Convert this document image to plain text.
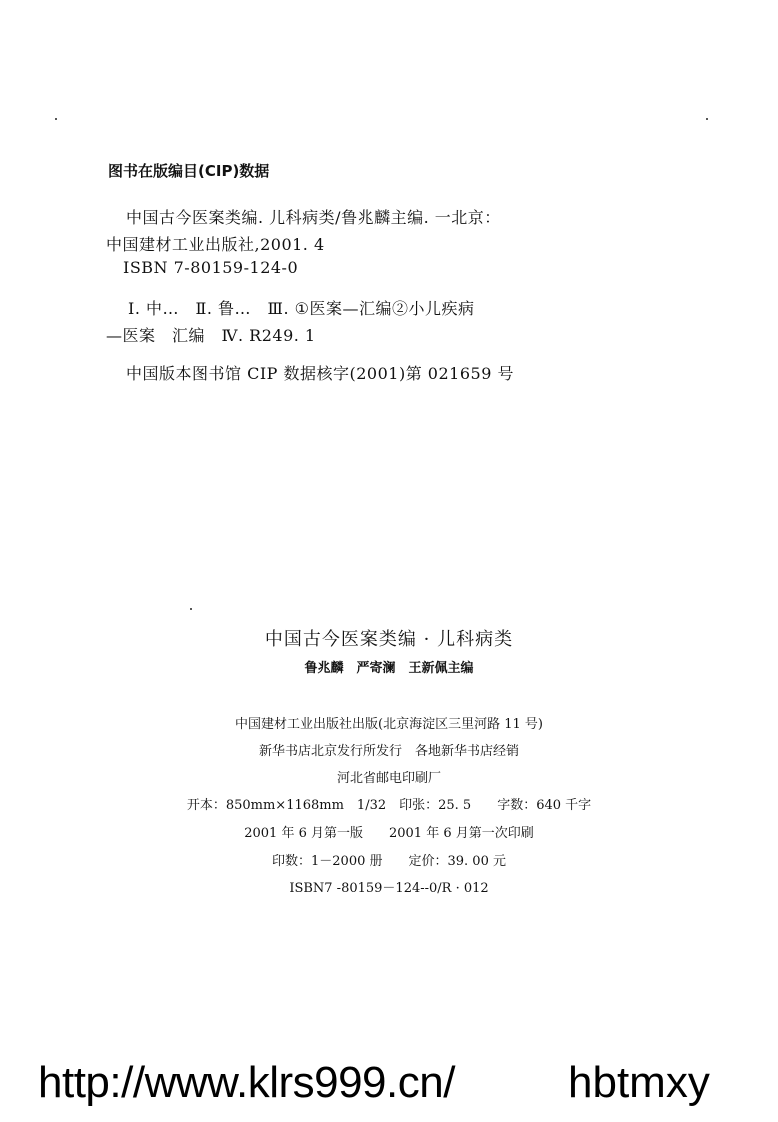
图书在版编目(CIP)数据
中国古今医案类编. 儿科病类/鲁兆麟主编. 一北京：
中国建材工业出版社,2001. 4
ISBN 7-80159-124-0
Ⅰ. 中…　Ⅱ. 鲁…　Ⅲ. ①医案—汇编②小儿疾病
—医案　汇编　Ⅳ. R249. 1
中国版本图书馆 CIP 数据核字(2001)第 021659 号
中国古今医案类编 · 儿科病类
鲁兆麟　严寄澜　王新佩主编
中国建材工业出版社出版(北京海淀区三里河路 11 号)
新华书店北京发行所发行　各地新华书店经销
河北省邮电印刷厂
开本：850mm×1168mm　1/32　印张：25. 5　　字数：640 千字
2001 年 6 月第一版　　2001 年 6 月第一次印刷
印数：1－2000 册　　定价：39. 00 元
ISBN7 -80159－124--0/R · 012
http://www.klrs999.cn/	hbtmxy
